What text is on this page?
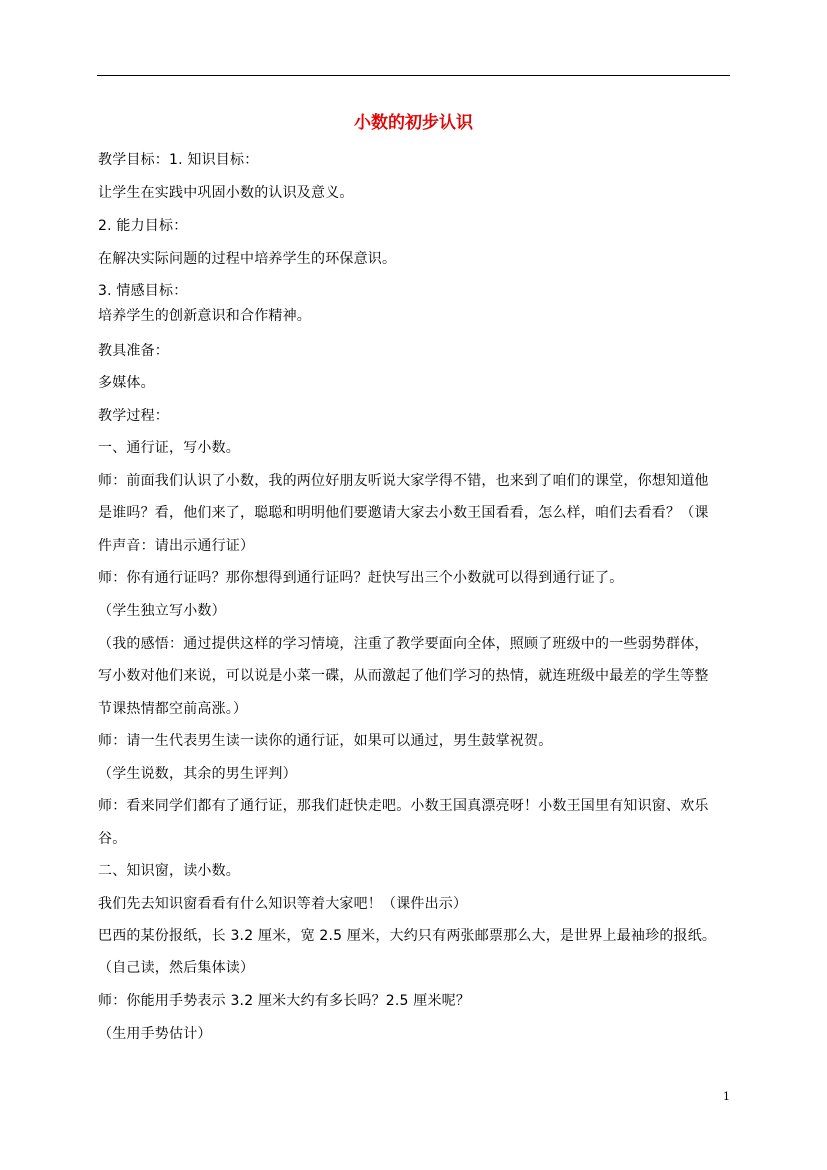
小数的初步认识
教学目标：1. 知识目标：
让学生在实践中巩固小数的认识及意义。
2. 能力目标：
在解决实际问题的过程中培养学生的环保意识。
3. 情感目标：
培养学生的创新意识和合作精神。
教具准备：
多媒体。
教学过程：
一、通行证，写小数。
师：前面我们认识了小数，我的两位好朋友听说大家学得不错，也来到了咱们的课堂，你想知道他
是谁吗？看，他们来了，聪聪和明明他们要邀请大家去小数王国看看，怎么样，咱们去看看？（课
件声音：请出示通行证）
师：你有通行证吗？那你想得到通行证吗？赶快写出三个小数就可以得到通行证了。
（学生独立写小数）
（我的感悟：通过提供这样的学习情境，注重了教学要面向全体，照顾了班级中的一些弱势群体，
写小数对他们来说，可以说是小菜一碟，从而激起了他们学习的热情，就连班级中最差的学生等整
节课热情都空前高涨。）
师：请一生代表男生读一读你的通行证，如果可以通过，男生鼓掌祝贺。
（学生说数，其余的男生评判）
师：看来同学们都有了通行证，那我们赶快走吧。小数王国真漂亮呀！小数王国里有知识窗、欢乐
谷。
二、知识窗，读小数。
我们先去知识窗看看有什么知识等着大家吧！（课件出示）
巴西的某份报纸，长 3.2 厘米，宽 2.5 厘米，大约只有两张邮票那么大，是世界上最袖珍的报纸。
（自己读，然后集体读）
师：你能用手势表示 3.2 厘米大约有多长吗？2.5 厘米呢？
（生用手势估计）
1
